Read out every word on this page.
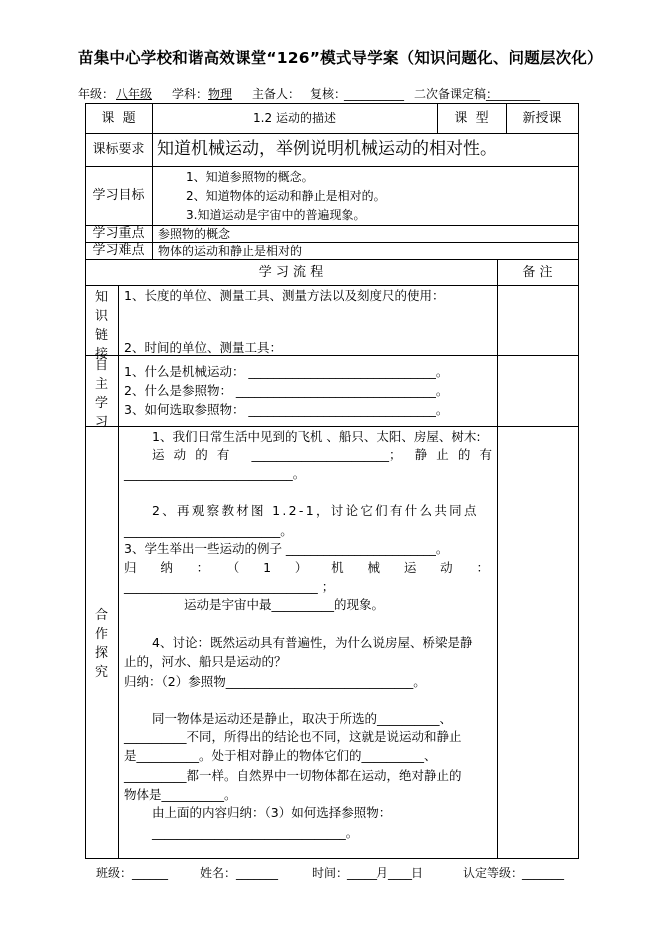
苗集中心学校和谐高效课堂“126”模式导学案（知识问题化、问题层次化）
年级： 八年级	学科： 物理 主备人： 复核：
__________ 二次备课定稿：
_________
课  题	1.2 运动的描述	课  型	新授课
课标要求 知道机械运动，举例说明机械运动的相对性。
学习目标
1、知道参照物的概念。
2、知道物体的运动和静止是相对的。
3.知道运动是宇宙中的普遍现象。
学习重点	参照物的概念
学习难点	物体的运动和静止是相对的
学 习 流 程	备 注
知识链接
1、长度的单位、测量工具、测量方法以及刻度尺的使用：
2、时间的单位、测量工具：
自主学习
1、什么是机械运动： ______________________________。
2、什么是参照物： ________________________________。
3、如何选取参照物： ______________________________。
合作探究
1、我们日常生活中见到的飞机 、船只、太阳、房屋、树木:
运动的有 ______________________； 静止的有
___________________________。
2、再观察教材图 1.2-1，讨论它们有什么共同点
_________________________。
3、学生举出一些运动的例子 ________________________。
归纳：（1）机械运动：
_______________________________ ；
运动是宇宙中最__________的现象。
4、讨论：既然运动具有普遍性，为什么说房屋、桥梁是静
止的，河水、船只是运动的？
归纳：（2）参照物______________________________。
同一物体是运动还是静止，取决于所选的__________、
__________不同，所得出的结论也不同，这就是说运动和静止
是__________。处于相对静止的物体它们的__________、
__________都一样。自然界中一切物体都在运动，绝对静止的
物体是__________。
由上面的内容归纳：（3）如何选择参照物：
_______________________________。
班级： ______	姓名： _______	时间：
_____ 月 ____ 日	认定等级：
_______
